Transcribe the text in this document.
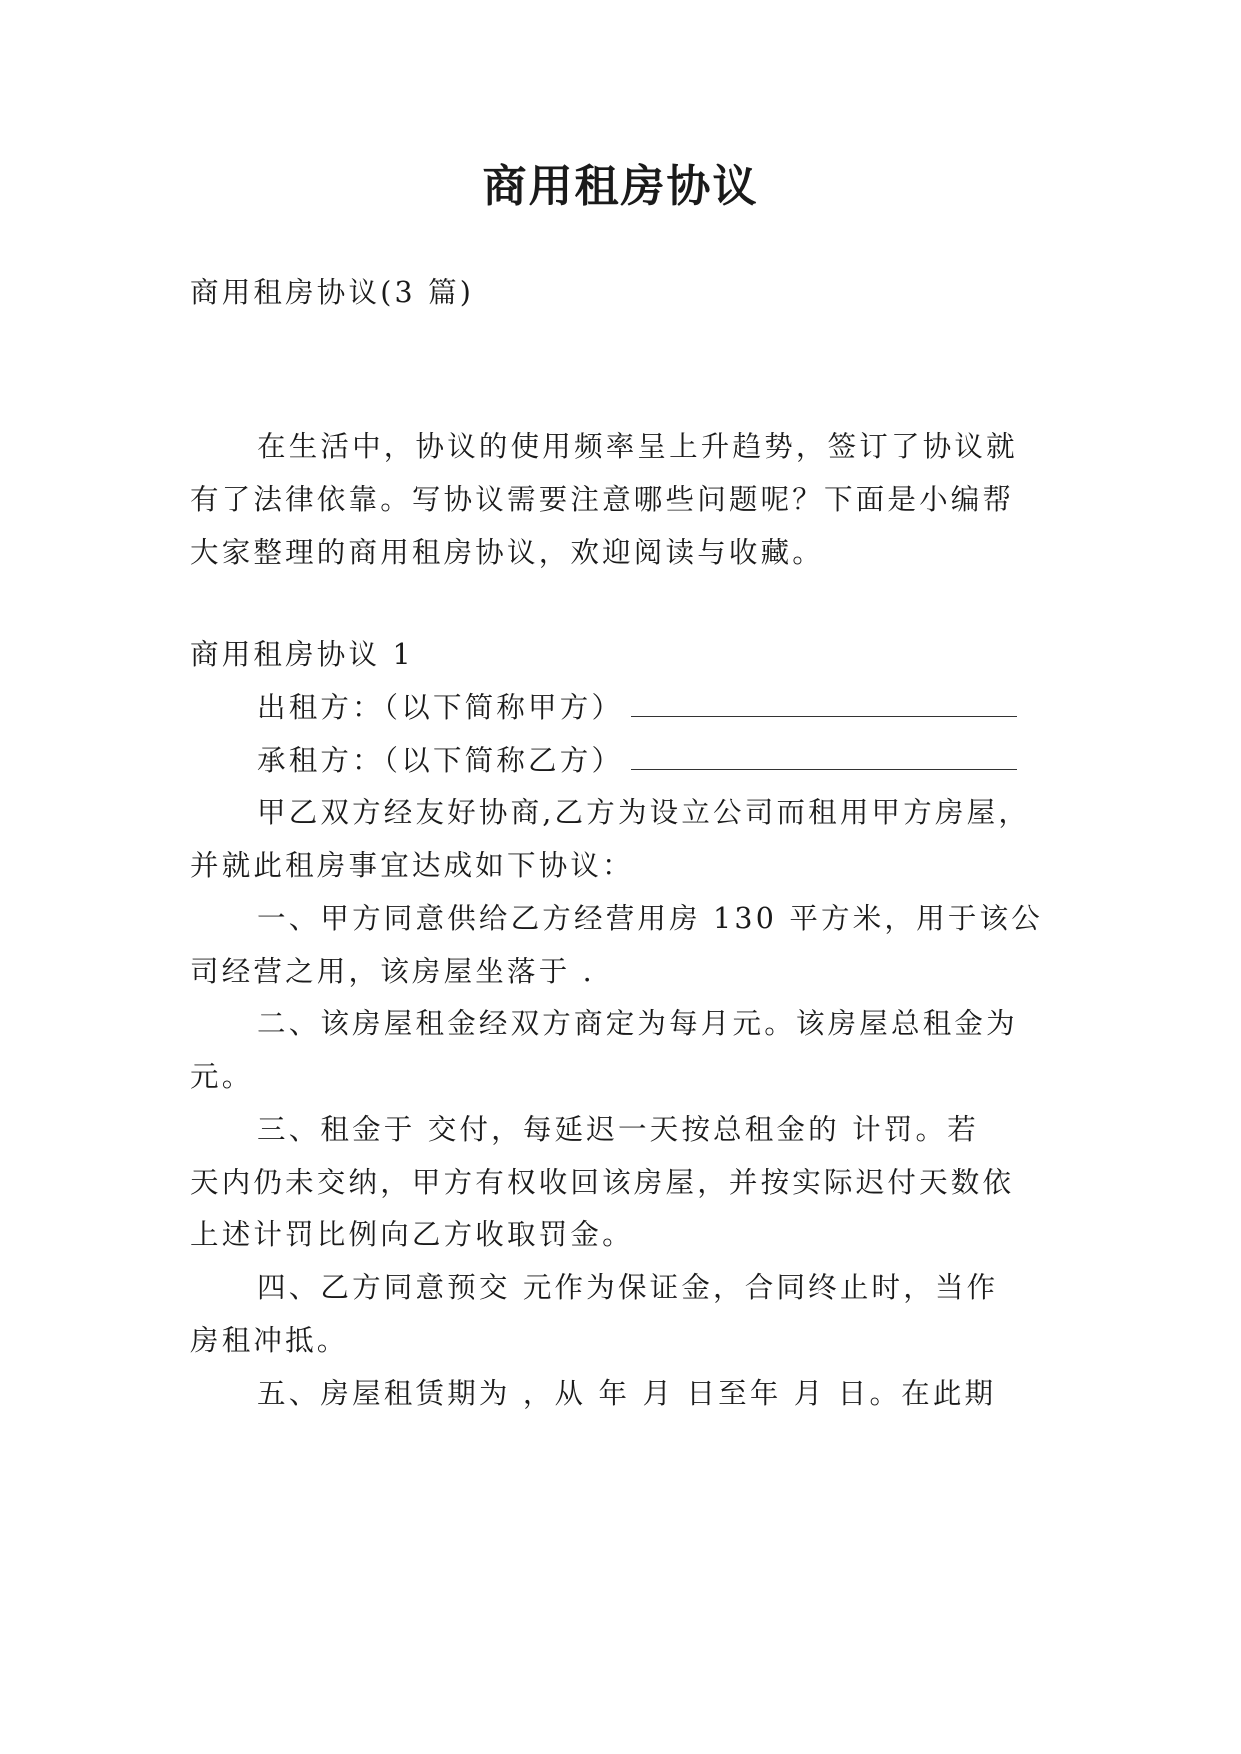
商用租房协议
商用租房协议(3 篇)
在生活中，协议的使用频率呈上升趋势，签订了协议就
有了法律依靠。写协议需要注意哪些问题呢？下面是小编帮
大家整理的商用租房协议，欢迎阅读与收藏。
商用租房协议 1
出租方：（以下简称甲方）
承租方：（以下简称乙方）
甲乙双方经友好协商,乙方为设立公司而租用甲方房屋，
并就此租房事宜达成如下协议：
一、甲方同意供给乙方经营用房 130 平方米，用于该公
司经营之用，该房屋坐落于 .
二、该房屋租金经双方商定为每月元。该房屋总租金为
元。
三、租金于 交付，每延迟一天按总租金的 计罚。若
天内仍未交纳，甲方有权收回该房屋，并按实际迟付天数依
上述计罚比例向乙方收取罚金。
四、乙方同意预交 元作为保证金，合同终止时，当作
房租冲抵。
五、房屋租赁期为 ，从 年 月 日至年 月 日。在此期
